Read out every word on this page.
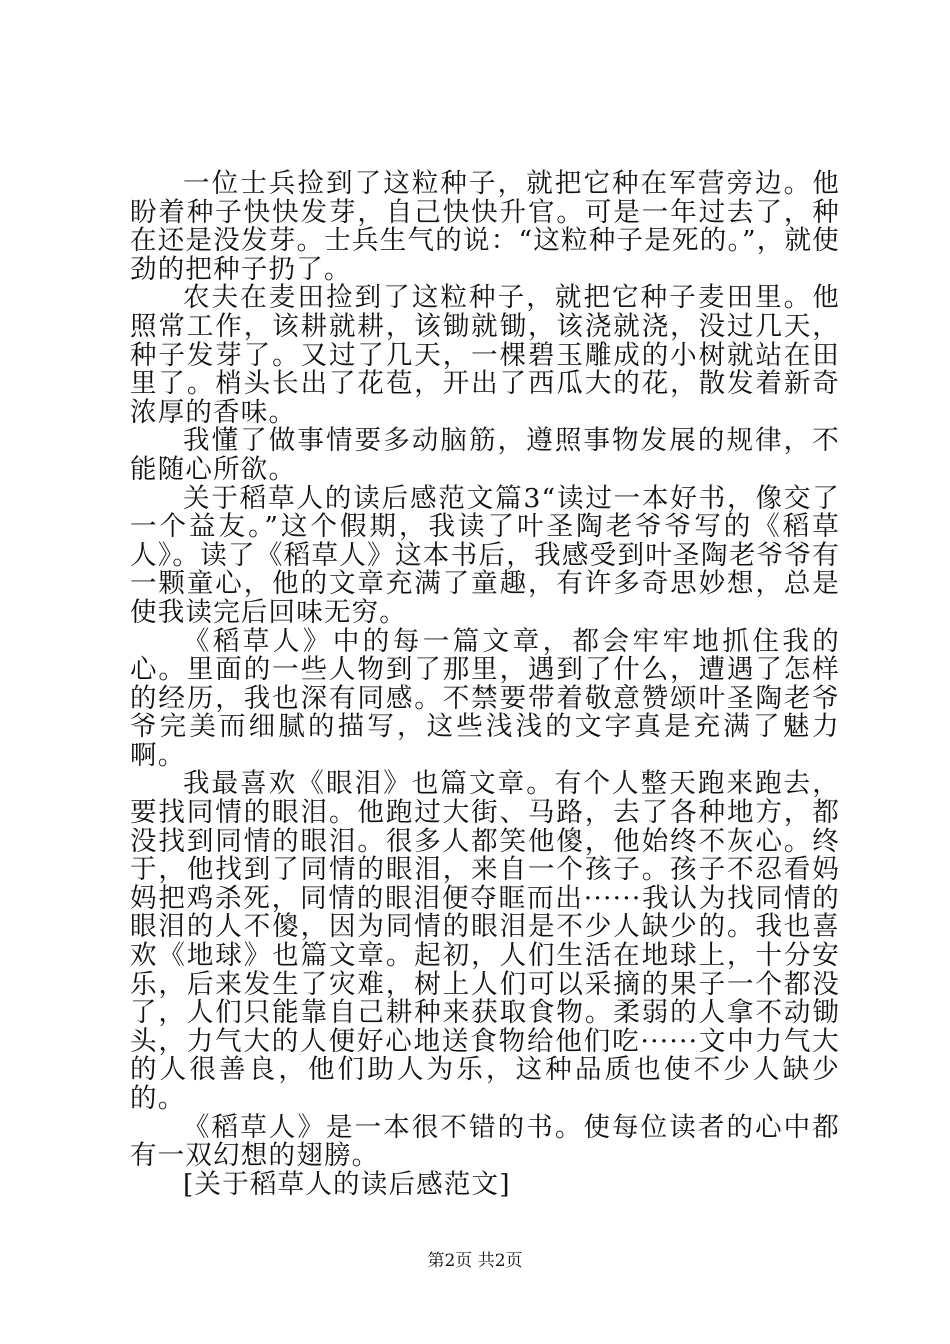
一位士兵捡到了这粒种子，就把它种在军营旁边。他盼着种子快快发芽，自己快快升官。可是一年过去了，种在还是没发芽。士兵生气的说：“这粒种子是死的。”，就使劲的把种子扔了。

农夫在麦田捡到了这粒种子，就把它种子麦田里。他照常工作，该耕就耕，该锄就锄，该浇就浇，没过几天，种子发芽了。又过了几天，一棵碧玉雕成的小树就站在田里了。梢头长出了花苞，开出了西瓜大的花，散发着新奇浓厚的香味。

我懂了做事情要多动脑筋，遵照事物发展的规律，不能随心所欲。

关于稻草人的读后感范文篇3“读过一本好书，像交了一个益友。”这个假期，我读了叶圣陶老爷爷写的《稻草人》。读了《稻草人》这本书后，我感受到叶圣陶老爷爷有一颗童心，他的文章充满了童趣，有许多奇思妙想，总是使我读完后回味无穷。

《稻草人》中的每一篇文章，都会牢牢地抓住我的心。里面的一些人物到了那里，遇到了什么，遭遇了怎样的经历，我也深有同感。不禁要带着敬意赞颂叶圣陶老爷爷完美而细腻的描写，这些浅浅的文字真是充满了魅力啊。

我最喜欢《眼泪》也篇文章。有个人整天跑来跑去，要找同情的眼泪。他跑过大街、马路，去了各种地方，都没找到同情的眼泪。很多人都笑他傻，他始终不灰心。终于，他找到了同情的眼泪，来自一个孩子。孩子不忍看妈妈把鸡杀死，同情的眼泪便夺眶而出······我认为找同情的眼泪的人不傻，因为同情的眼泪是不少人缺少的。我也喜欢《地球》也篇文章。起初，人们生活在地球上，十分安乐，后来发生了灾难，树上人们可以采摘的果子一个都没了，人们只能靠自己耕种来获取食物。柔弱的人拿不动锄头，力气大的人便好心地送食物给他们吃······文中力气大的人很善良，他们助人为乐，这种品质也使不少人缺少的。

《稻草人》是一本很不错的书。使每位读者的心中都有一双幻想的翅膀。

[关于稻草人的读后感范文]

第2页 共2页
